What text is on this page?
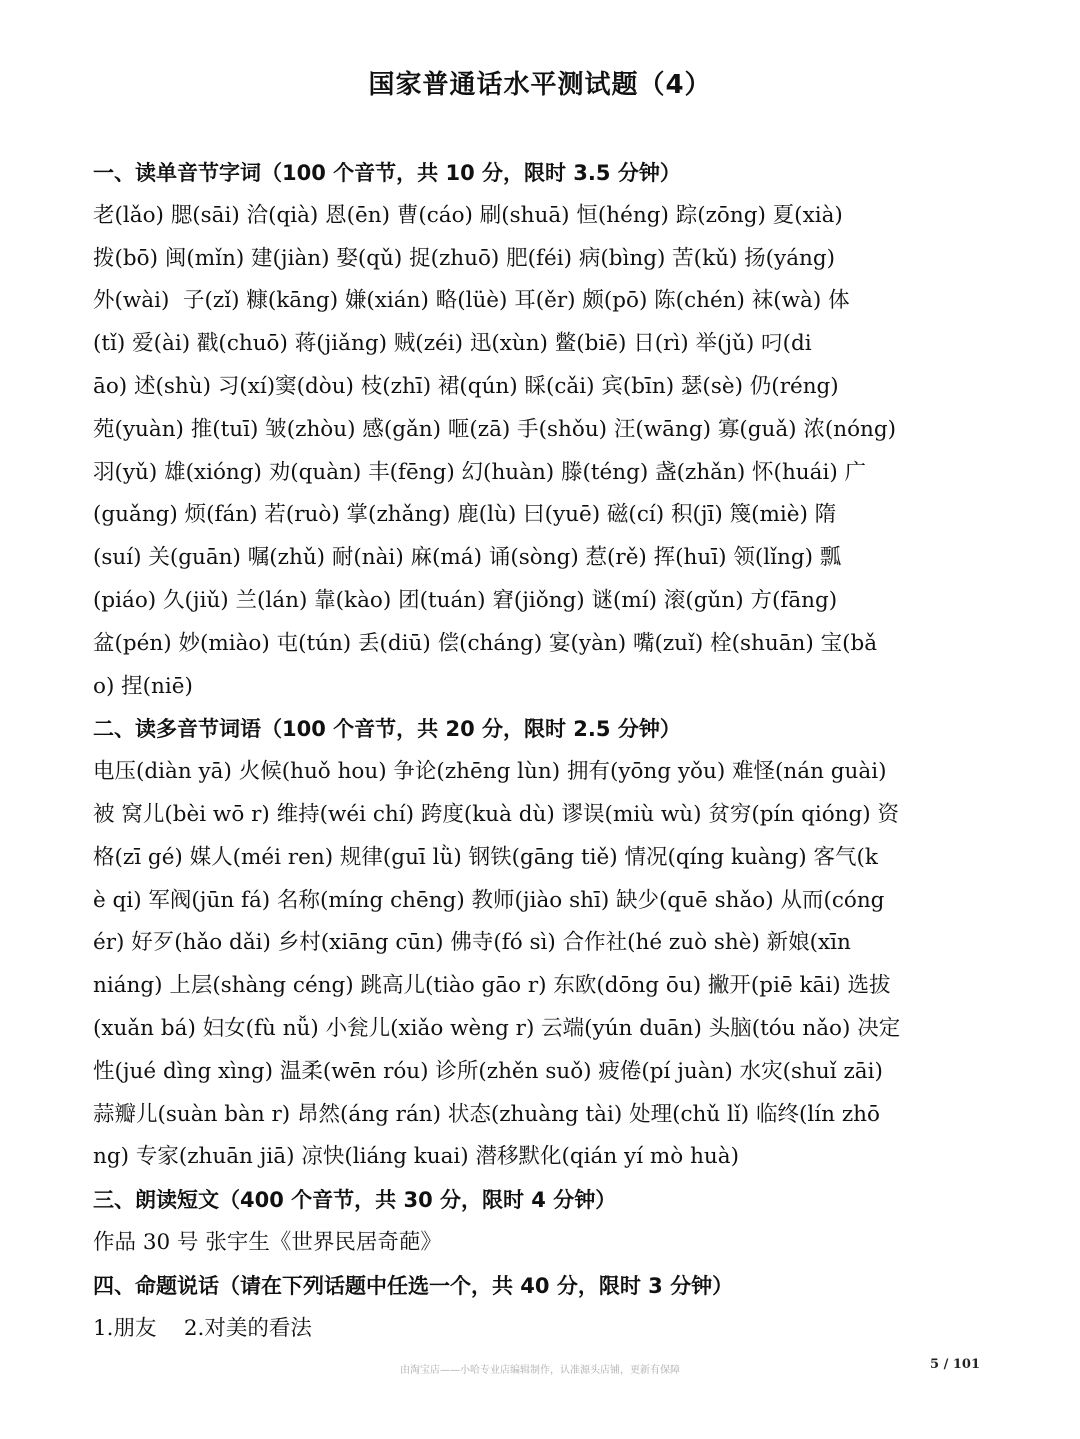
国家普通话水平测试题（4）
一、读单音节字词（100 个音节，共 10 分，限时 3.5 分钟）
老(lǎo) 腮(sāi) 洽(qià) 恩(ēn) 曹(cáo) 刷(shuā) 恒(héng) 踪(zōng) 夏(xià)
拨(bō) 闽(mǐn) 建(jiàn) 娶(qǔ) 捉(zhuō) 肥(féi) 病(bìng) 苦(kǔ) 扬(yáng)
外(wài)  子(zǐ) 糠(kāng) 嫌(xián) 略(lüè) 耳(ěr) 颇(pō) 陈(chén) 袜(wà) 体
(tǐ) 爱(ài) 戳(chuō) 蒋(jiǎng) 贼(zéi) 迅(xùn) 鳖(biē) 日(rì) 举(jǔ) 叼(di
āo) 述(shù) 习(xí)窦(dòu) 枝(zhī) 裙(qún) 睬(cǎi) 宾(bīn) 瑟(sè) 仍(réng)
苑(yuàn) 推(tuī) 皱(zhòu) 感(gǎn) 咂(zā) 手(shǒu) 汪(wāng) 寡(guǎ) 浓(nóng)
羽(yǔ) 雄(xióng) 劝(quàn) 丰(fēng) 幻(huàn) 滕(téng) 盏(zhǎn) 怀(huái) 广
(guǎng) 烦(fán) 若(ruò) 掌(zhǎng) 鹿(lù) 曰(yuē) 磁(cí) 积(jī) 篾(miè) 隋
(suí) 关(guān) 嘱(zhǔ) 耐(nài) 麻(má) 诵(sòng) 惹(rě) 挥(huī) 领(lǐng) 瓢
(piáo) 久(jiǔ) 兰(lán) 靠(kào) 团(tuán) 窘(jiǒng) 谜(mí) 滚(gǔn) 方(fāng)
盆(pén) 妙(miào) 屯(tún) 丢(diū) 偿(cháng) 宴(yàn) 嘴(zuǐ) 栓(shuān) 宝(bǎ
o) 捏(niē)
二、读多音节词语（100 个音节，共 20 分，限时 2.5 分钟）
电压(diàn yā) 火候(huǒ hou) 争论(zhēng lùn) 拥有(yōng yǒu) 难怪(nán guài)
被 窝儿(bèi wō r) 维持(wéi chí) 跨度(kuà dù) 谬误(miù wù) 贫穷(pín qióng) 资
格(zī gé) 媒人(méi ren) 规律(guī lǜ) 钢铁(gāng tiě) 情况(qíng kuàng) 客气(k
è qi) 军阀(jūn fá) 名称(míng chēng) 教师(jiào shī) 缺少(quē shǎo) 从而(cóng
ér) 好歹(hǎo dǎi) 乡村(xiāng cūn) 佛寺(fó sì) 合作社(hé zuò shè) 新娘(xīn
niáng) 上层(shàng céng) 跳高儿(tiào gāo r) 东欧(dōng ōu) 撇开(piē kāi) 选拔
(xuǎn bá) 妇女(fù nǚ) 小瓮儿(xiǎo wèng r) 云端(yún duān) 头脑(tóu nǎo) 决定
性(jué dìng xìng) 温柔(wēn róu) 诊所(zhěn suǒ) 疲倦(pí juàn) 水灾(shuǐ zāi)
蒜瓣儿(suàn bàn r) 昂然(áng rán) 状态(zhuàng tài) 处理(chǔ lǐ) 临终(lín zhō
ng) 专家(zhuān jiā) 凉快(liáng kuai) 潜移默化(qián yí mò huà)
三、朗读短文（400 个音节，共 30 分，限时 4 分钟）
作品 30 号 张宇生《世界民居奇葩》
四、命题说话（请在下列话题中任选一个，共 40 分，限时 3 分钟）
1.朋友    2.对美的看法
由淘宝店——小哈专业店编辑制作，认准源头店铺，更新有保障	5 / 101
